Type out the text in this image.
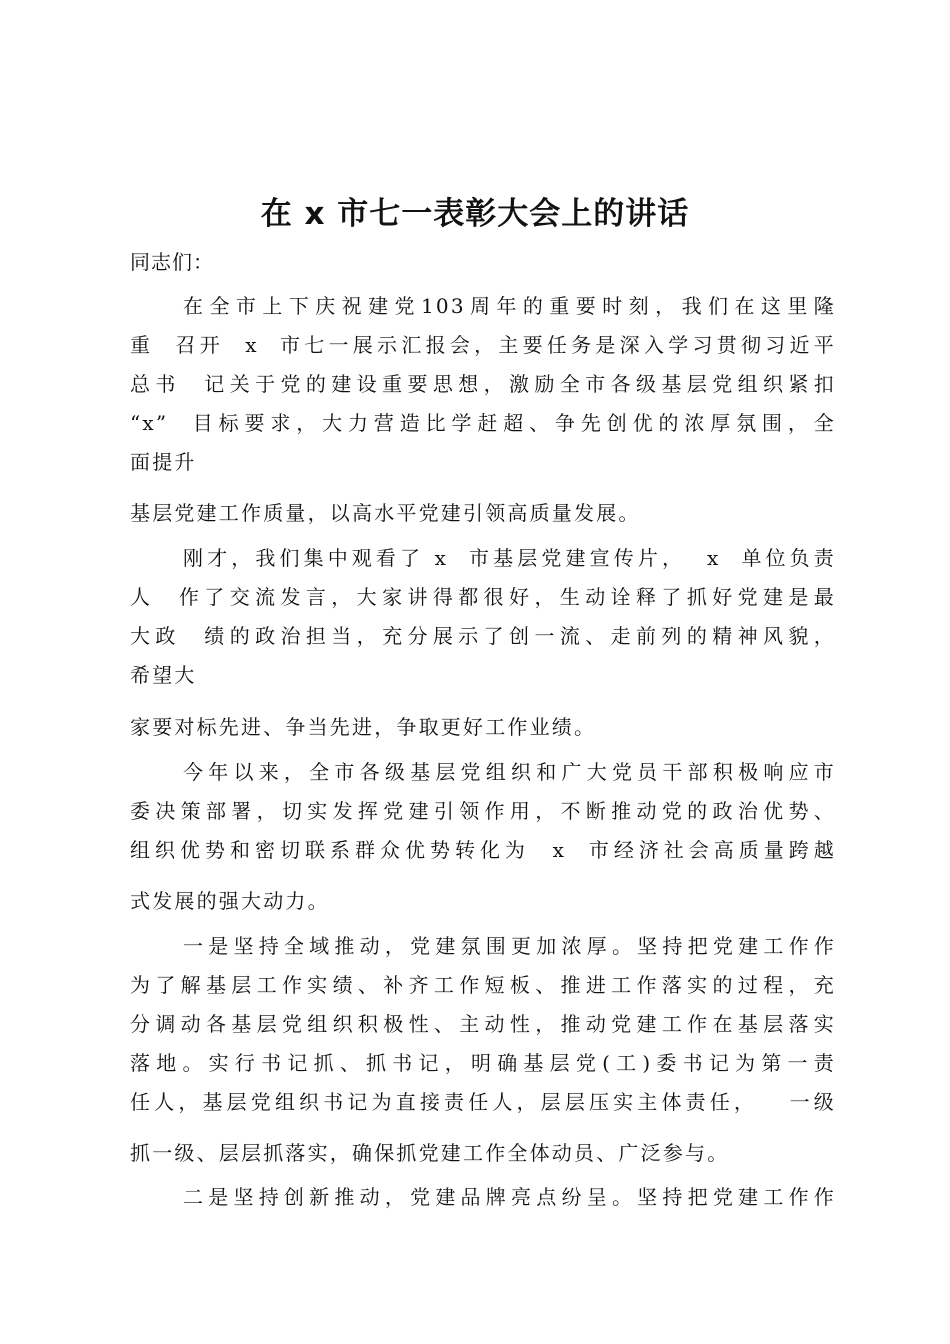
在 x 市七一表彰大会上的讲话

同志们：

在全市上下庆祝建党103周年的重要时刻，我们在这里隆

重  召开  x  市七一展示汇报会，主要任务是深入学习贯彻习近平

总书  记关于党的建设重要思想，激励全市各级基层党组织紧扣

“x”  目标要求，大力营造比学赶超、争先创优的浓厚氛围，全

面提升

基层党建工作质量，以高水平党建引领高质量发展。

刚才，我们集中观看了 x  市基层党建宣传片，  x  单位负责

人  作了交流发言，大家讲得都很好，生动诠释了抓好党建是最

大政  绩的政治担当，充分展示了创一流、走前列的精神风貌，

希望大

家要对标先进、争当先进，争取更好工作业绩。

今年以来，全市各级基层党组织和广大党员干部积极响应市

委决策部署，切实发挥党建引领作用，不断推动党的政治优势、

组织优势和密切联系群众优势转化为  x  市经济社会高质量跨越

式发展的强大动力。

一是坚持全域推动，党建氛围更加浓厚。坚持把党建工作作

为了解基层工作实绩、补齐工作短板、推进工作落实的过程，充

分调动各基层党组织积极性、主动性，推动党建工作在基层落实

落地。实行书记抓、抓书记，明确基层党(工)委书记为第一责

任人，基层党组织书记为直接责任人，层层压实主体责任，   一级

抓一级、层层抓落实，确保抓党建工作全体动员、广泛参与。

二是坚持创新推动，党建品牌亮点纷呈。坚持把党建工作作
